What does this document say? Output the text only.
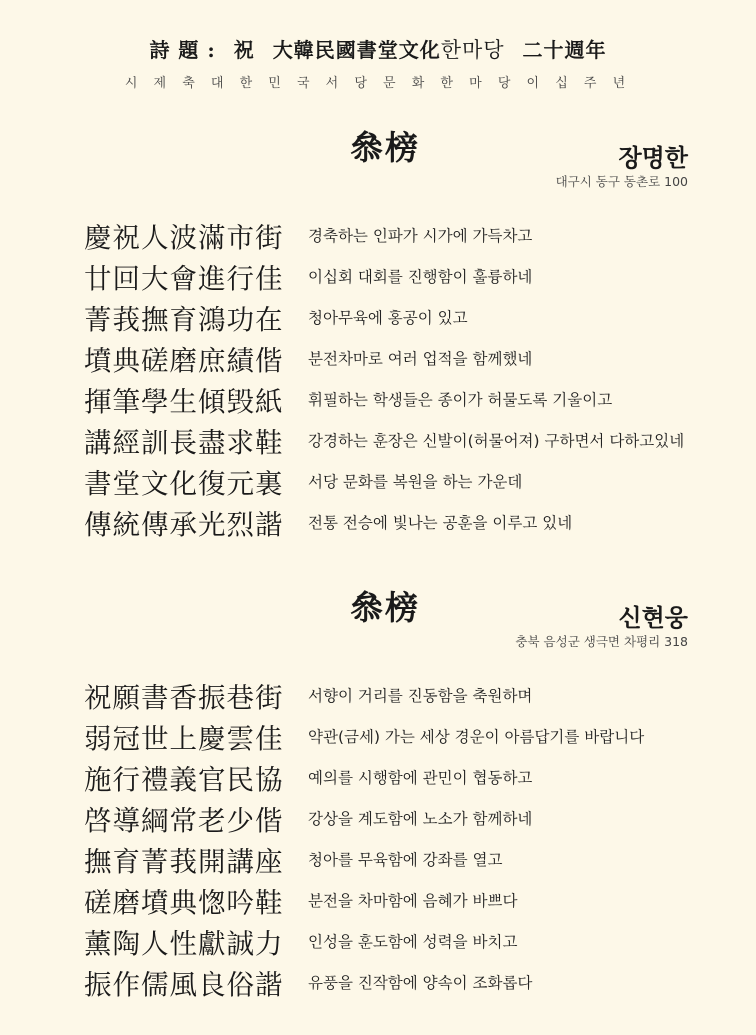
詩 題 : 祝 大韓民國書堂文化한마당 二十週年
시 제 축 대 한 민 국 서 당 문 화 한 마 당 이 십 주 년
叅榜	장명한
대구시 동구 동촌로 100
慶祝人波滿市街	경축하는 인파가 시가에 가득차고
廿回大會進行佳	이십회 대회를 진행함이 훌륭하네
菁莪撫育鴻功在	청아무육에 홍공이 있고
墳典磋磨庶績偕	분전차마로 여러 업적을 함께했네
揮筆學生傾毁紙	휘필하는 학생들은 종이가 허물도록 기울이고
講經訓長盡求鞋	강경하는 훈장은 신발이(허물어져) 구하면서 다하고있네
書堂文化復元裏	서당 문화를 복원을 하는 가운데
傳統傳承光烈諧	전통 전승에 빛나는 공훈을 이루고 있네
叅榜	신현웅
충북 음성군 생극면 차평리 318
祝願書香振巷街	서향이 거리를 진동함을 축원하며
弱冠世上慶雲佳	약관(금세) 가는 세상 경운이 아름답기를 바랍니다
施行禮義官民協	예의를 시행함에 관민이 협동하고
啓導綱常老少偕	강상을 계도함에 노소가 함께하네
撫育菁莪開講座	청아를 무육함에 강좌를 열고
磋磨墳典愡吟鞋	분전을 차마함에 음혜가 바쁘다
薰陶人性獻誠力	인성을 훈도함에 성력을 바치고
振作儒風良俗諧	유풍을 진작함에 양속이 조화롭다
